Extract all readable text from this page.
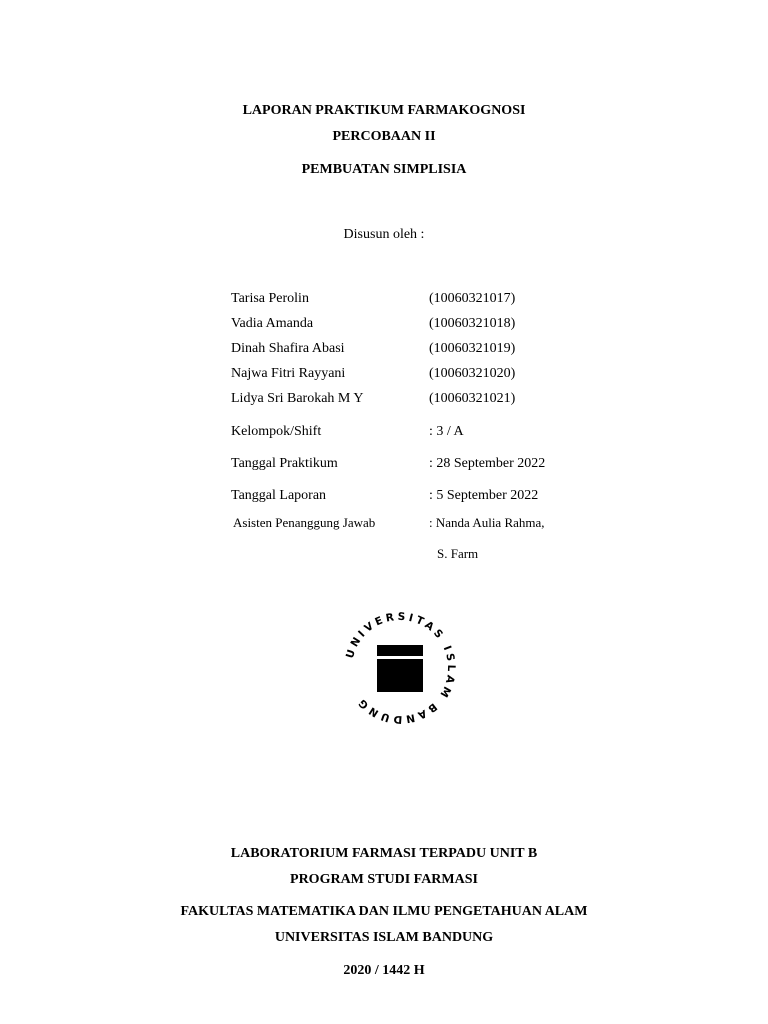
LAPORAN PRAKTIKUM FARMAKOGNOSI
PERCOBAAN II
PEMBUATAN SIMPLISIA
Disusun oleh :
Tarisa Perolin	(10060321017)
Vadia Amanda	(10060321018)
Dinah Shafira Abasi	(10060321019)
Najwa Fitri Rayyani	(10060321020)
Lidya Sri Barokah M Y	(10060321021)
Kelompok/Shift	: 3 / A
Tanggal Praktikum	: 28 September 2022
Tanggal Laporan	: 5 September 2022
Asisten Penanggung Jawab	: Nanda Aulia Rahma,
S. Farm
UNIVERSITAS ISLAM BANDUNG
LABORATORIUM FARMASI TERPADU UNIT B
PROGRAM STUDI FARMASI
FAKULTAS MATEMATIKA DAN ILMU PENGETAHUAN ALAM
UNIVERSITAS ISLAM BANDUNG
2020 / 1442 H
